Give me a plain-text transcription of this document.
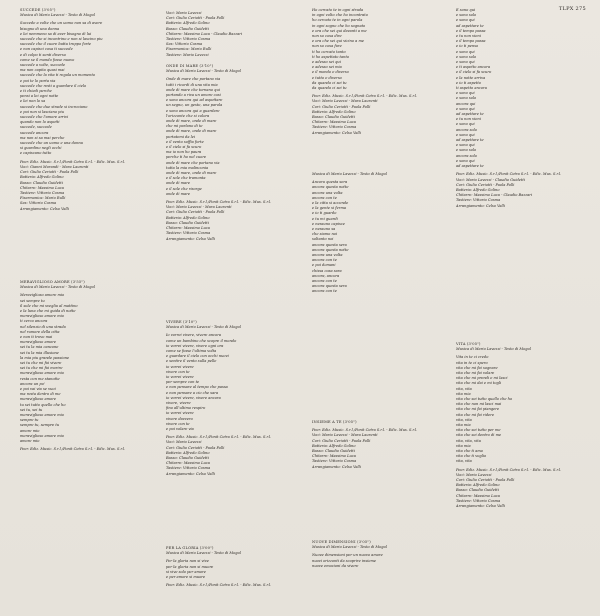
TLPX 275
SUCCEDE (3'05")
Musica di Mario Lavezzi - Testo di Mogol
Succede a volte che un uomo non sa di avere
bisogno di una donna
e lei nemmeno sa di aver bisogno di lui
succede che si incontrino e non si lascino piu
succede che il cuore batta troppo forte
e non capisci cosa ti succede
e di colpo ti senti diverso
come se il mondo fosse nuovo
succede a volte, succede
ma non capita quasi mai
succede che la vita ti regala un momento
e poi te lo porta via
succede che resti a guardare il cielo
e ti chiedi perche
pensi a lei ogni notte
e lei non lo sa
succede che due strade si incrociano
e poi non si lasciano piu
succede che l'amore arrivi
quando non lo aspetti
succede, succede
succede ancora
ma non si sa mai perche
succede che un uomo e una donna
si guardino negli occhi
e capiscano tutto
Peer. Ediz. Music. S.r.l./Fonit Cetra S.r.l. - Ediz. Mus. S.r.l.
Voci: Gianni Morandi - Mara Laurenti
Cori: Giulio Ceriotti - Paola Folli
Batteria: Alfredo Golino
Basso: Claudio Guidetti
Chitarre: Massimo Luca
Tastiere: Vittorio Cosma
Fisarmonica: Mario Rulli
Sax: Vittorio Cosma
Arrangiamento: Celso Valli
MERAVIGLIOSO AMORE (3'55")
Musica di Mario Lavezzi - Testo di Mogol
Meraviglioso amore mio
sei sempre tu
il sole che mi sveglia al mattino
e la luna che mi guida di notte
meraviglioso amore mio
ti cerco ancora
nel silenzio di una strada
nel rumore della citta
e non ti trovo mai
meraviglioso amore
sei tu la mia canzone
sei tu la mia illusione
la mia piu grande passione
sei tu che mi fai vivere
sei tu che mi fai morire
meraviglioso amore mio
resta con me stanotte
ancora un po'
e poi vai via se vuoi
ma resta dentro di me
meraviglioso amore
tu sei tutto quello che ho
sei tu, sei tu
meraviglioso amore mio
sempre tu
sempre tu, sempre tu
amore mio
meraviglioso amore mio
amore mio
Peer. Ediz. Music. S.r.l./Fonit Cetra S.r.l. - Ediz. Mus. S.r.l.
Voci: Mario Lavezzi
Cori: Giulio Ceriotti - Paola Folli
Batteria: Alfredo Golino
Basso: Claudio Guidetti
Chitarre: Massimo Luca - Claudio Bazzari
Tastiere: Vittorio Cosma
Sax: Vittorio Cosma
Fisarmonica: Mario Rulli
Tastiere: Mario Lavezzi
ONDE DI MARE (3'10")
Musica di Mario Lavezzi - Testo di Mogol
Onde di mare che portano via
tutti i ricordi di una vita mia
onde di mare che tornano qui
portando a riva un amore cosi
e sono ancora qui ad aspettare
un segno, un gesto, una parola
e sono ancora qui a guardare
l'orizzonte che si colora
onde di mare, onde di mare
che mi parlano di te
onde di mare, onde di mare
portatemi da lei
e il vento soffia forte
e il cielo si fa scuro
ma io non ho paura
perche ti ho nel cuore
onde di mare che portano via
tutta la mia malinconia
onde di mare, onde di mare
e il sole che tramonta
onde di mare
e il sole che risorge
onde di mare
Peer. Ediz. Music. S.r.l./Fonit Cetra S.r.l. - Ediz. Mus. S.r.l.
Voci: Mario Lavezzi - Mara Laurenti
Cori: Giulio Ceriotti - Paola Folli
Batteria: Alfredo Golino
Basso: Claudio Guidetti
Chitarre: Massimo Luca
Tastiere: Vittorio Cosma
Arrangiamento: Celso Valli
VIVERE (3'10")
Musica di Mario Lavezzi - Testo di Mogol
Io vorrei vivere, vivere ancora
come un bambino che scopre il mondo
io vorrei vivere, vivere ogni ora
come se fosse l'ultima volta
e guardare il cielo con occhi nuovi
e sentire il vento sulla pelle
io vorrei vivere
vivere con te
io vorrei vivere
per sempre con te
e non pensare al tempo che passa
e non pensare a cio che sara
io vorrei vivere, vivere ancora
vivere, vivere
fino all'ultimo respiro
io vorrei vivere
vivere davvero
vivere con te
e poi volare via
Peer. Ediz. Music. S.r.l./Fonit Cetra S.r.l. - Ediz. Mus. S.r.l.
Voci: Mario Lavezzi
Cori: Giulio Ceriotti - Paola Folli
Batteria: Alfredo Golino
Basso: Claudio Guidetti
Chitarre: Massimo Luca
Tastiere: Vittorio Cosma
Arrangiamento: Celso Valli
PER LA GLORIA (3'00")
Musica di Mario Lavezzi - Testo di Mogol
Per la gloria non si vive
per la gloria non si muore
si vive solo per amore
e per amore si muore
Peer. Ediz. Music. S.r.l./Fonit Cetra S.r.l. - Ediz. Mus. S.r.l.
Ho cercato te in ogni strada
in ogni volto che ho incontrato
ho cercato te in ogni parola
in ogni sogno che ho sognato
e ora che sei qui davanti a me
non so cosa dire
e ora che sei qui vicino a me
non so cosa fare
ti ho cercato tanto
ti ho aspettato tanto
e adesso sei qui
e adesso sei mia
e il mondo e diverso
e tutto e diverso
da quando ci sei tu
da quando ci sei tu
Peer. Ediz. Music. S.r.l./Fonit Cetra S.r.l. - Ediz. Mus. S.r.l.
Voci: Mario Lavezzi - Mara Laurenti
Cori: Giulio Ceriotti - Paola Folli
Batteria: Alfredo Golino
Basso: Claudio Guidetti
Chitarre: Massimo Luca
Tastiere: Vittorio Cosma
Arrangiamento: Celso Valli
Musica di Mario Lavezzi - Testo di Mogol
Ancora questa sera
ancora questa notte
ancora una volta
ancora con te
e la citta si accende
e la gente si ferma
e io ti guardo
e tu mi guardi
e nessuno capisce
e nessuno sa
che siamo noi
soltanto noi
ancora questa sera
ancora questa notte
ancora una volta
ancora con te
e poi domani
chissa cosa sara
ancora, ancora
ancora con te
ancora questa sera
ancora con te
INSIEME A TE (3'05")
Peer. Ediz. Music. S.r.l./Fonit Cetra S.r.l. - Ediz. Mus. S.r.l.
Voci: Mario Lavezzi - Mara Laurenti
Cori: Giulio Ceriotti - Paola Folli
Batteria: Alfredo Golino
Basso: Claudio Guidetti
Chitarre: Massimo Luca
Tastiere: Vittorio Cosma
Arrangiamento: Celso Valli
NUOVE DIMENSIONI (3'05")
Musica di Mario Lavezzi - Testo di Mogol
Nuove dimensioni per un nuovo amore
nuovi orizzonti da scoprire insieme
nuove emozioni da vivere
E sono qui
e sono solo
e sono qui
ad aspettare te
e il tempo passa
e tu non vieni
e il tempo passa
e io ti penso
e sono qui
e sono solo
e sono qui
e ti aspetto ancora
e il cielo si fa scuro
e la notte arriva
e io ti aspetto
ti aspetto ancora
e sono qui
e sono solo
ancora qui
e sono qui
ad aspettare te
e tu non vieni
e sono qui
ancora solo
e sono qui
ad aspettare te
e sono qui
e sono solo
ancora solo
e sono qui
ad aspettare te
Peer. Ediz. Music. S.r.l./Fonit Cetra S.r.l. - Ediz. Mus. S.r.l.
Voci: Mario Lavezzi - Claudio Guidetti
Cori: Giulio Ceriotti - Paola Folli
Batteria: Alfredo Golino
Chitarre: Massimo Luca - Claudio Bazzari
Tastiere: Vittorio Cosma
Arrangiamento: Celso Valli
VITA (3'05")
Musica di Mario Lavezzi - Testo di Mogol
Vita in te ci credo
vita in te ci spero
vita che mi fai sognare
vita che mi fai volare
vita che mi prendi e mi lasci
vita che mi dai e mi togli
vita, vita
vita mia
vita che sei tutto quello che ho
vita che non mi lasci mai
vita che mi fai piangere
vita che mi fai ridere
vita, vita
vita mia
vita che sei tutto per me
vita che sei dentro di me
vita, vita, vita
vita mia
vita che ti amo
vita che ti voglio
vita, vita
Peer. Ediz. Music. S.r.l./Fonit Cetra S.r.l. - Ediz. Mus. S.r.l.
Voci: Mario Lavezzi
Cori: Giulio Ceriotti - Paola Folli
Batteria: Alfredo Golino
Basso: Claudio Guidetti
Chitarre: Massimo Luca
Tastiere: Vittorio Cosma
Arrangiamento: Celso Valli
